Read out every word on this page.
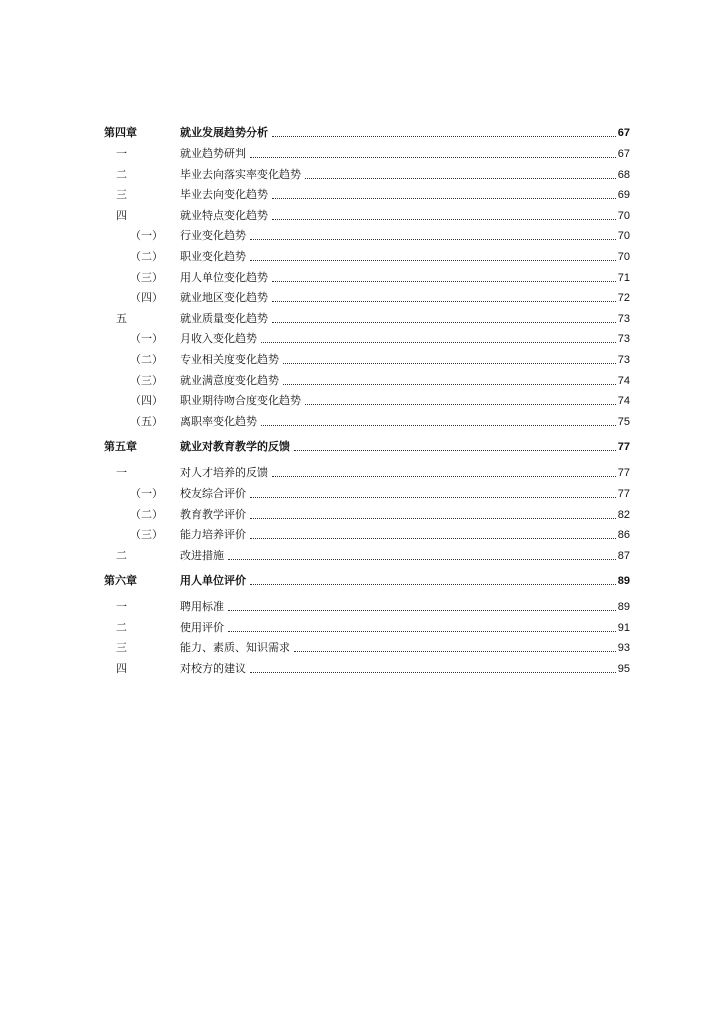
第四章	就业发展趋势分析	67
一	就业趋势研判	67
二	毕业去向落实率变化趋势	68
三	毕业去向变化趋势	69
四	就业特点变化趋势	70
（一） 行业变化趋势	70
（二） 职业变化趋势	70
（三） 用人单位变化趋势	71
（四） 就业地区变化趋势	72
五	就业质量变化趋势	73
（一） 月收入变化趋势	73
（二） 专业相关度变化趋势	73
（三） 就业满意度变化趋势	74
（四） 职业期待吻合度变化趋势	74
（五） 离职率变化趋势	75
第五章	就业对教育教学的反馈	77
一	对人才培养的反馈	77
（一） 校友综合评价	77
（二） 教育教学评价	82
（三） 能力培养评价	86
二	改进措施	87
第六章	用人单位评价	89
一	聘用标准	89
二	使用评价	91
三	能力、素质、知识需求	93
四	对校方的建议	95
